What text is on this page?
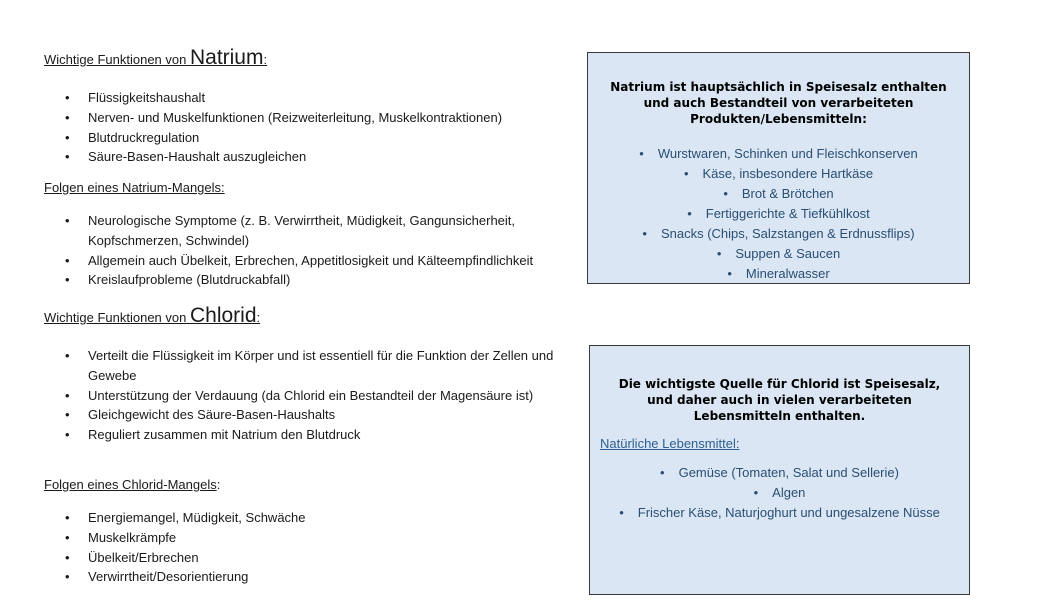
Wichtige Funktionen von Natrium:
• Flüssigkeitshaushalt
• Nerven- und Muskelfunktionen (Reizweiterleitung, Muskelkontraktionen)
• Blutdruckregulation
• Säure-Basen-Haushalt auszugleichen
Folgen eines Natrium-Mangels:
• Neurologische Symptome (z. B. Verwirrtheit, Müdigkeit, Gangunsicherheit, Kopfschmerzen, Schwindel)
• Allgemein auch Übelkeit, Erbrechen, Appetitlosigkeit und Kälteempfindlichkeit
• Kreislaufprobleme (Blutdruckabfall)
Wichtige Funktionen von Chlorid:
• Verteilt die Flüssigkeit im Körper und ist essentiell für die Funktion der Zellen und Gewebe
• Unterstützung der Verdauung (da Chlorid ein Bestandteil der Magensäure ist)
• Gleichgewicht des Säure-Basen-Haushalts
• Reguliert zusammen mit Natrium den Blutdruck
Folgen eines Chlorid-Mangels:
• Energiemangel, Müdigkeit, Schwäche
• Muskelkrämpfe
• Übelkeit/Erbrechen
• Verwirrtheit/Desorientierung
Natrium ist hauptsächlich in Speisesalz enthalten und auch Bestandteil von verarbeiteten Produkten/Lebensmitteln:
• Wurstwaren, Schinken und Fleischkonserven
• Käse, insbesondere Hartkäse
• Brot & Brötchen
• Fertiggerichte & Tiefkühlkost
• Snacks (Chips, Salzstangen & Erdnussflips)
• Suppen & Saucen
• Mineralwasser
Die wichtigste Quelle für Chlorid ist Speisesalz, und daher auch in vielen verarbeiteten Lebensmitteln enthalten.
Natürliche Lebensmittel:
• Gemüse (Tomaten, Salat und Sellerie)
• Algen
• Frischer Käse, Naturjoghurt und ungesalzene Nüsse
